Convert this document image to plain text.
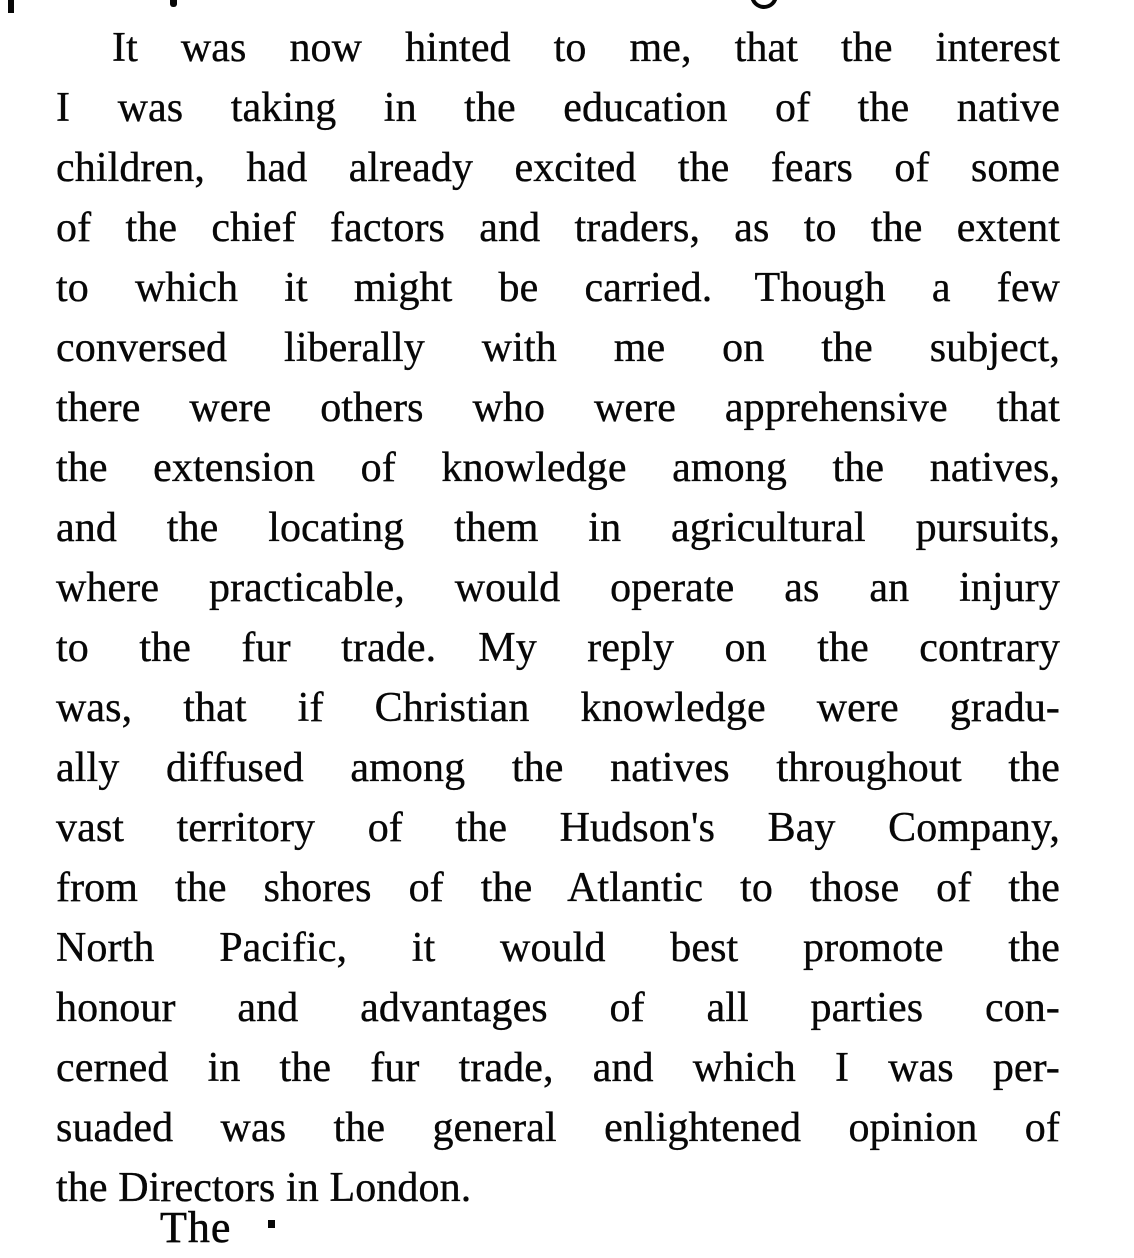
It was now hinted to me, that the interest
I was taking in the education of the native
children, had already excited the fears of some
of the chief factors and traders, as to the extent
to which it might be carried. Though a few
conversed liberally with me on the subject,
there were others who were apprehensive that
the extension of knowledge among the natives,
and the locating them in agricultural pursuits,
where practicable, would operate as an injury
to the fur trade. My reply on the contrary
was, that if Christian knowledge were gradu-
ally diffused among the natives throughout the
vast territory of the Hudson's Bay Company,
from the shores of the Atlantic to those of the
North Pacific, it would best promote the
honour and advantages of all parties con-
cerned in the fur trade, and which I was per-
suaded was the general enlightened opinion of
the Directors in London.
The
